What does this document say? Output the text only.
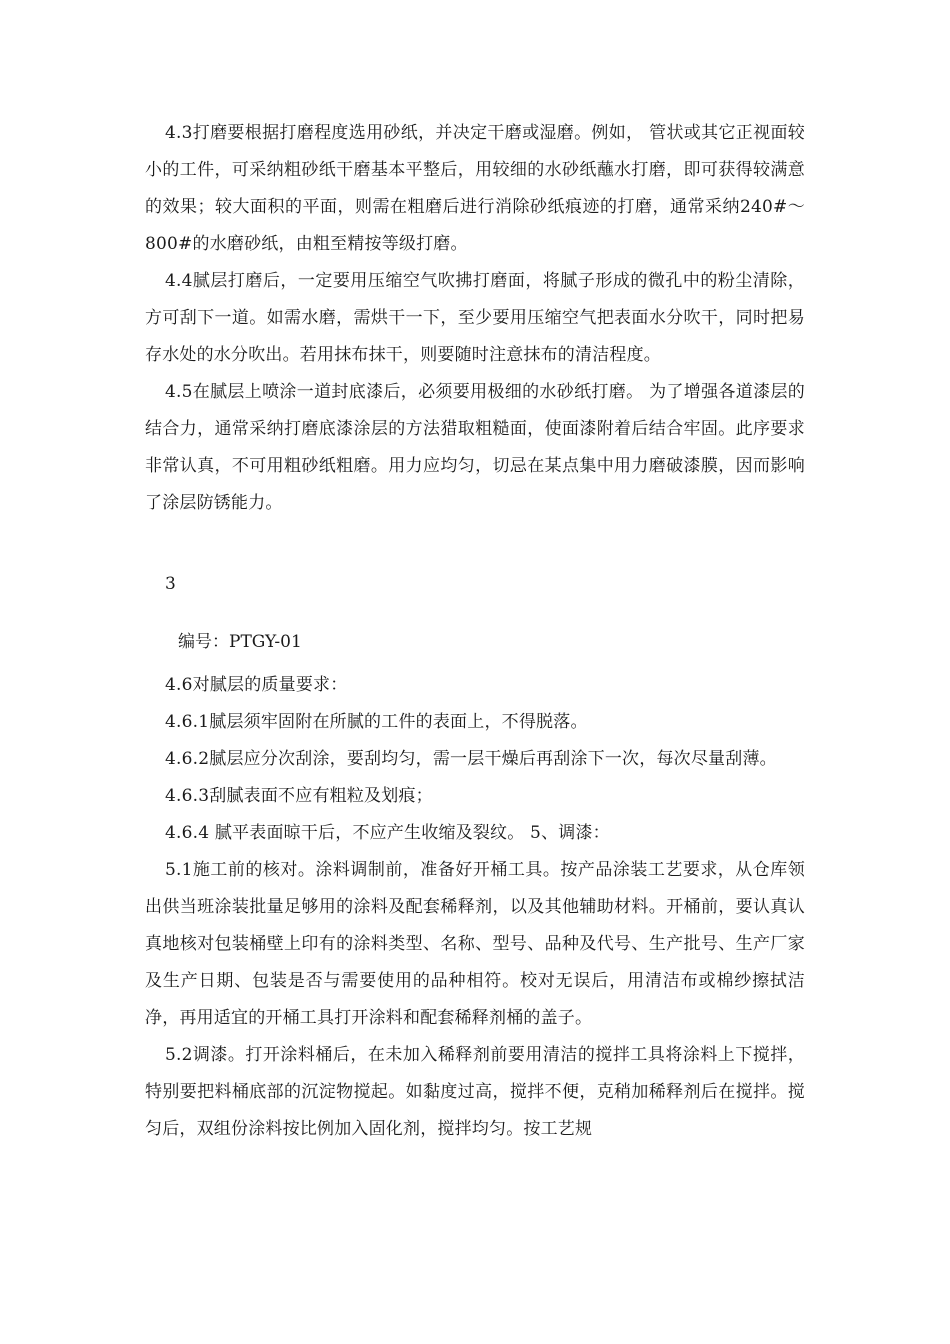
4.3打磨要根据打磨程度选用砂纸，并决定干磨或湿磨。例如， 管状或其它正视面较小的工件，可采纳粗砂纸干磨基本平整后，用较细的水砂纸蘸水打磨，即可获得较满意的效果；较大面积的平面，则需在粗磨后进行消除砂纸痕迹的打磨，通常采纳240#～800#的水磨砂纸，由粗至精按等级打磨。

4.4腻层打磨后，一定要用压缩空气吹拂打磨面，将腻子形成的微孔中的粉尘清除，方可刮下一道。如需水磨，需烘干一下，至少要用压缩空气把表面水分吹干，同时把易存水处的水分吹出。若用抹布抹干，则要随时注意抹布的清洁程度。

4.5在腻层上喷涂一道封底漆后，必须要用极细的水砂纸打磨。 为了增强各道漆层的结合力，通常采纳打磨底漆涂层的方法猎取粗糙面，使面漆附着后结合牢固。此序要求非常认真，不可用粗砂纸粗磨。用力应均匀，切忌在某点集中用力磨破漆膜，因而影响了涂层防锈能力。

3
编号：PTGY-01

4.6对腻层的质量要求：

4.6.1腻层须牢固附在所腻的工件的表面上，不得脱落。

4.6.2腻层应分次刮涂，要刮均匀，需一层干燥后再刮涂下一次，每次尽量刮薄。

4.6.3刮腻表面不应有粗粒及划痕；

4.6.4 腻平表面晾干后，不应产生收缩及裂纹。 5、调漆：

5.1施工前的核对。涂料调制前，准备好开桶工具。按产品涂装工艺要求，从仓库领出供当班涂装批量足够用的涂料及配套稀释剂，以及其他辅助材料。开桶前，要认真认真地核对包装桶壁上印有的涂料类型、名称、型号、品种及代号、生产批号、生产厂家及生产日期、包装是否与需要使用的品种相符。校对无误后，用清洁布或棉纱擦拭洁净，再用适宜的开桶工具打开涂料和配套稀释剂桶的盖子。

5.2调漆。打开涂料桶后，在未加入稀释剂前要用清洁的搅拌工具将涂料上下搅拌，特别要把料桶底部的沉淀物搅起。如黏度过高，搅拌不便，克稍加稀释剂后在搅拌。搅匀后，双组份涂料按比例加入固化剂，搅拌均匀。按工艺规
